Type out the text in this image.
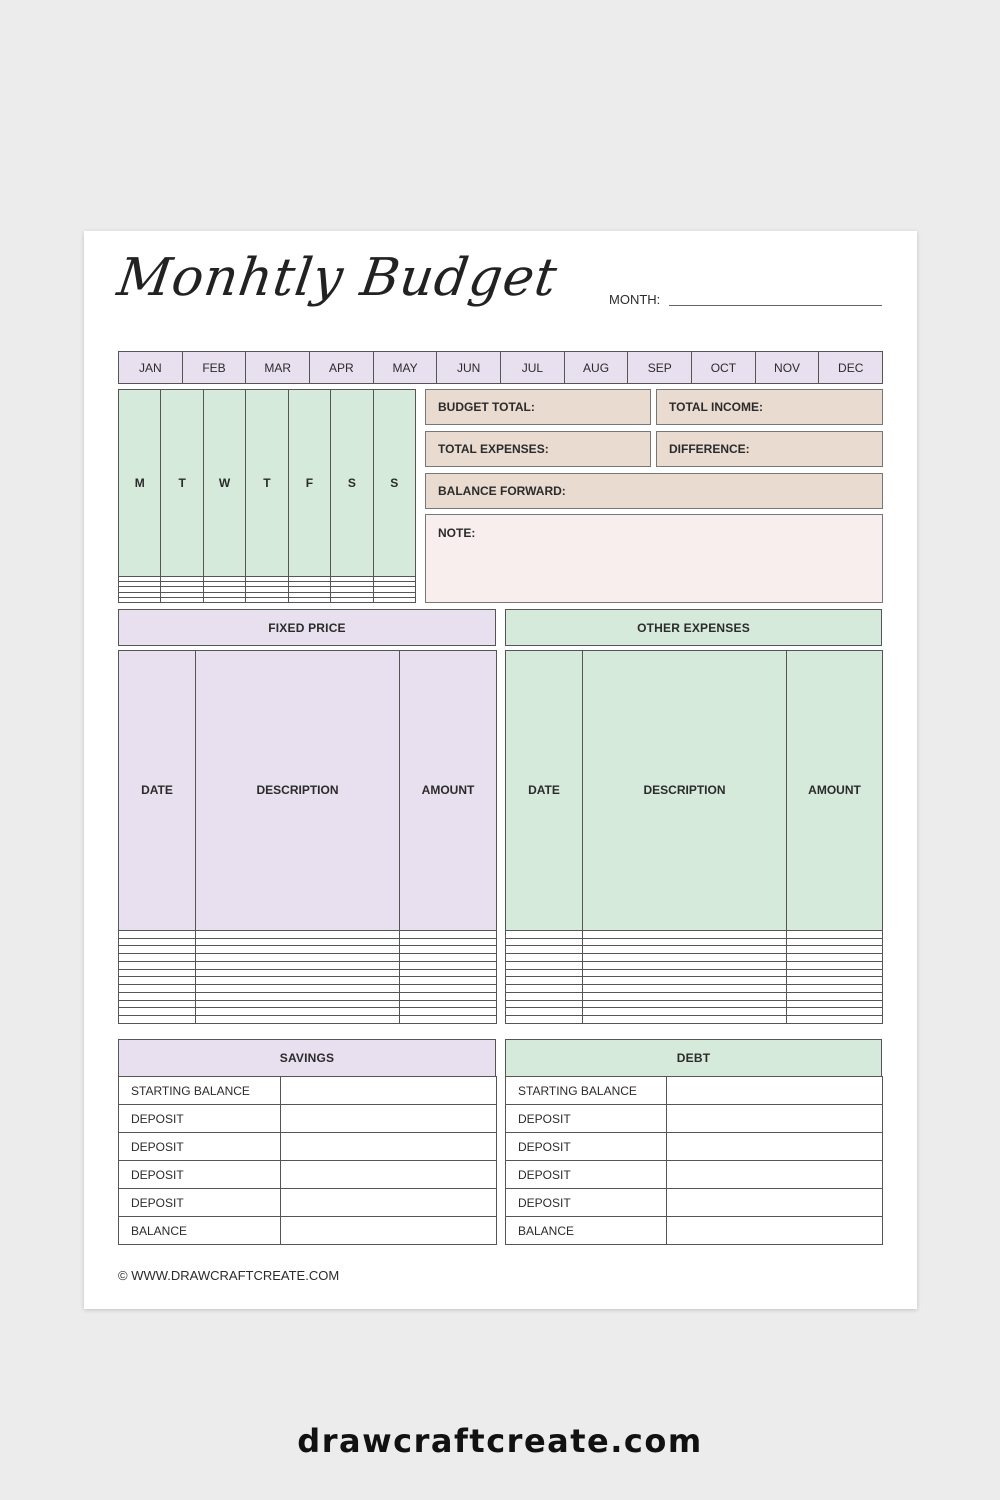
Monhtly Budget	MONTH:
JAN	FEB	MAR	APR	MAY	JUN	JUL	AUG	SEP	OCT	NOV	DEC
M	T	W	T	F	S	S

BUDGET TOTAL:	TOTAL INCOME:
TOTAL EXPENSES:	DIFFERENCE:
BALANCE FORWARD:
NOTE:
FIXED PRICE
DATE	DESCRIPTION	AMOUNT

OTHER EXPENSES
DATE	DESCRIPTION	AMOUNT

SAVINGS
STARTING BALANCE	
DEPOSIT	
DEPOSIT	
DEPOSIT	
DEPOSIT	
BALANCE	
DEBT
STARTING BALANCE	
DEPOSIT	
DEPOSIT	
DEPOSIT	
DEPOSIT	
BALANCE	
© WWW.DRAWCRAFTCREATE.COM
drawcraftcreate.com
